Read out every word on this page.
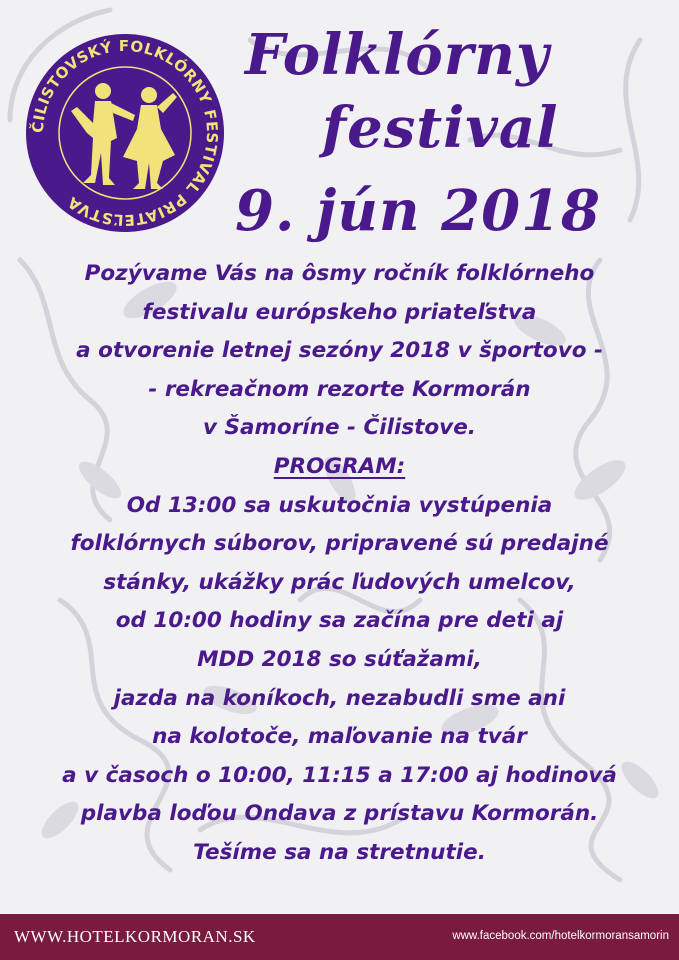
ČILISTOVSKÝ FOLKLÓRNY FESTIVAL PRIATEĽSTVA
Folklórny
festival
9. jún 2018
Pozývame Vás na ôsmy ročník folklórneho
festivalu európskeho priateľstva
a otvorenie letnej sezóny 2018 v športovo -
- rekreačnom rezorte Kormorán
v Šamoríne - Čilistove.
PROGRAM:
Od 13:00 sa uskutočnia vystúpenia
folklórnych súborov, pripravené sú predajné
stánky, ukážky prác ľudových umelcov,
od 10:00 hodiny sa začína pre deti aj
MDD 2018 so súťažami,
jazda na koníkoch, nezabudli sme ani
na kolotoče, maľovanie na tvár
a v časoch o 10:00, 11:15 a 17:00 aj hodinová
plavba loďou Ondava z prístavu Kormorán.
Tešíme sa na stretnutie.
WWW.HOTELKORMORAN.SK	www.facebook.com/hotelkormoransamorin
